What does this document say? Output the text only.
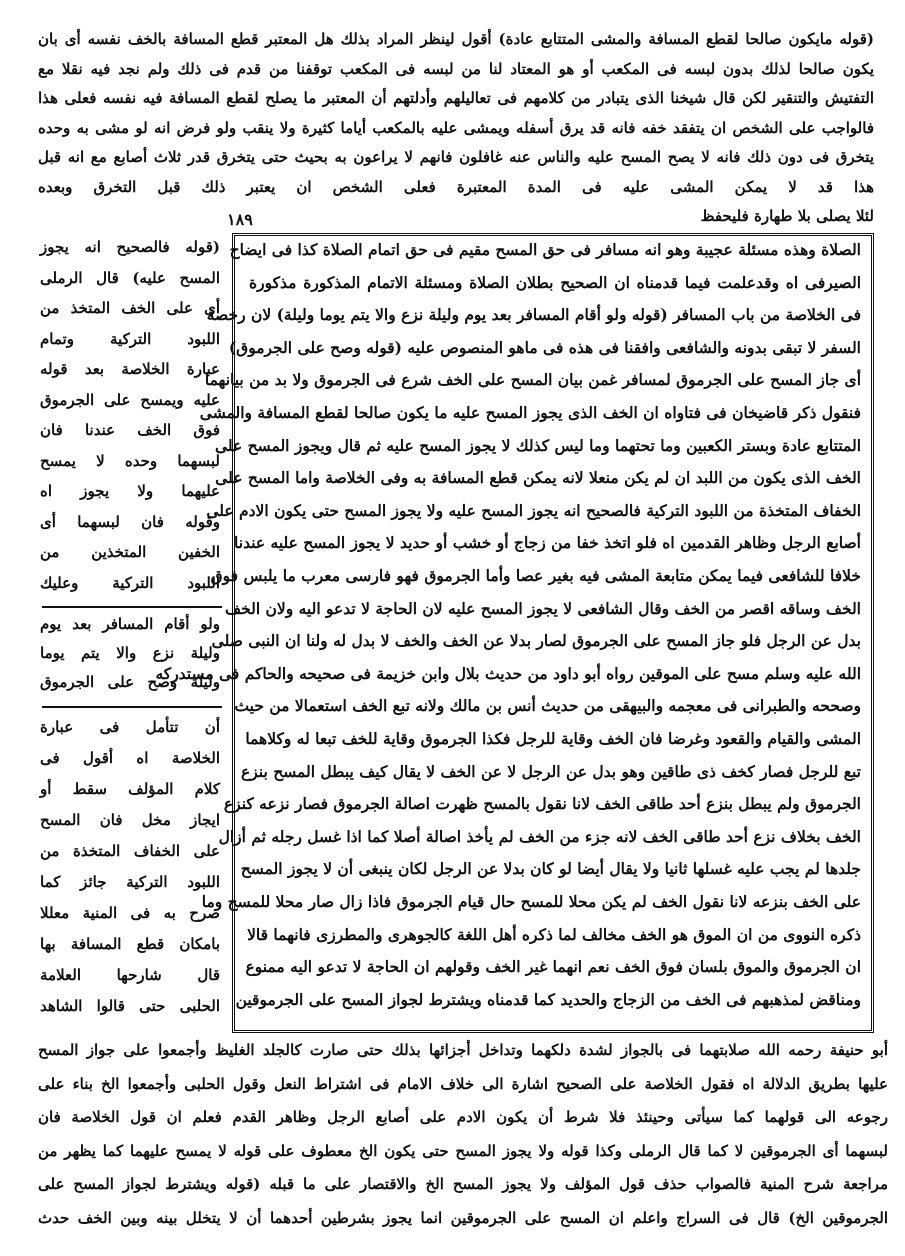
(قوله مايكون صالحا لقطع المسافة والمشى المتتابع عادة) أقول لينظر المراد بذلك هل المعتبر قطع المسافة بالخف نفسه أى بان
يكون صالحا لذلك بدون لبسه فى المكعب أو هو المعتاد لنا من لبسه فى المكعب توقفنا من قدم فى ذلك ولم نجد فيه نقلا مع
التفتيش والتنقير لكن قال شيخنا الذى يتبادر من كلامهم فى تعاليلهم وأدلتهم أن المعتبر ما يصلح لقطع المسافة فيه نفسه فعلى هذا
فالواجب على الشخص ان يتفقد خفه فانه قد يرق أسفله ويمشى عليه بالمكعب أياما كثيرة ولا ينقب ولو فرض انه لو مشى به وحده
يتخرق فى دون ذلك فانه لا يصح المسح عليه والناس عنه غافلون فانهم لا يراعون به بحيث حتى يتخرق قدر ثلاث أصابع مع انه قبل
هذا قد لا يمكن المشى عليه فى المدة المعتبرة فعلى الشخص ان يعتبر ذلك قبل التخرق وبعده
لئلا يصلى بلا طهارة فليحفظ
١٨٩
الصلاة وهذه مسئلة عجيبة وهو انه مسافر فى حق المسح مقيم فى حق اتمام الصلاة كذا فى ايضاح
الصيرفى اه وقدعلمت فيما قدمناه ان الصحيح بطلان الصلاة ومسئلة الاتمام المذكورة مذكورة
فى الخلاصة من باب المسافر (قوله ولو أقام المسافر بعد يوم وليلة نزع والا يتم يوما وليلة) لان رخصة
السفر لا تبقى بدونه والشافعى وافقنا فى هذه فى ماهو المنصوص عليه (قوله وصح على الجرموق)
أى جاز المسح على الجرموق لمسافر غمن بيان المسح على الخف شرع فى الجرموق ولا بد من بيانهما
فنقول ذكر قاضيخان فى فتاواه ان الخف الذى يجوز المسح عليه ما يكون صالحا لقطع المسافة والمشى
المتتابع عادة وبستر الكعبين وما تحتهما وما ليس كذلك لا يجوز المسح عليه ثم قال ويجوز المسح على
الخف الذى يكون من اللبد ان لم يكن منعلا لانه يمكن قطع المسافة به وفى الخلاصة واما المسح على
الخفاف المتخذة من اللبود التركية فالصحيح انه يجوز المسح عليه ولا يجوز المسح حتى يكون الادم على
أصابع الرجل وظاهر القدمين اه فلو اتخذ خفا من زجاج أو خشب أو حديد لا يجوز المسح عليه عندنا
خلافا للشافعى فيما يمكن متابعة المشى فيه بغير عصا وأما الجرموق فهو فارسى معرب ما يلبس فوق
الخف وساقه اقصر من الخف وقال الشافعى لا يجوز المسح عليه لان الحاجة لا تدعو اليه ولان الخف
بدل عن الرجل فلو جاز المسح على الجرموق لصار بدلا عن الخف والخف لا بدل له ولنا ان النبى صلى
الله عليه وسلم مسح على الموقين رواه أبو داود من حديث بلال وابن خزيمة فى صحيحه والحاكم فى مستدركه
وصححه والطبرانى فى معجمه والبيهقى من حديث أنس بن مالك ولانه تبع الخف استعمالا من حيث
المشى والقيام والقعود وغرضا فان الخف وقاية للرجل فكذا الجرموق وقاية للخف تبعا له وكلاهما
تبع للرجل فصار كخف ذى طاقين وهو بدل عن الرجل لا عن الخف لا يقال كيف يبطل المسح بنزع
الجرموق ولم يبطل بنزع أحد طاقى الخف لانا نقول بالمسح ظهرت اصالة الجرموق فصار نزعه كنزع
الخف بخلاف نزع أحد طاقى الخف لانه جزء من الخف لم يأخذ اصالة أصلا كما اذا غسل رجله ثم أزال
جلدها لم يجب عليه غسلها ثانيا ولا يقال أيضا لو كان بدلا عن الرجل لكان ينبغى أن لا يجوز المسح
على الخف بنزعه لانا نقول الخف لم يكن محلا للمسح حال قيام الجرموق فاذا زال صار محلا للمسح وما
ذكره النووى من ان الموق هو الخف مخالف لما ذكره أهل اللغة كالجوهرى والمطرزى فانهما قالا
ان الجرموق والموق بلسان فوق الخف نعم انهما غير الخف وقولهم ان الحاجة لا تدعو اليه ممنوع
ومناقض لمذهبهم فى الخف من الزجاج والحديد كما قدمناه ويشترط لجواز المسح على الجرموقين
(قوله فالصحيح انه يجوز
المسح عليه) قال الرملى
أى على الخف المتخذ من
اللبود التركية وتمام
عبارة الخلاصة بعد قوله
عليه ويمسح على الجرموق
فوق الخف عندنا فان
لبسهما وحده لا يمسح
عليهما ولا يجوز اه
وقوله فان لبسهما أى
الخفين المتخذين من
اللبود التركية وعليك
ولو أقام المسافر بعد يوم
وليلة نزع والا يتم يوما
وليلة وصح على الجرموق
أن تتأمل فى عبارة
الخلاصة اه أقول فى
كلام المؤلف سقط أو
ايجاز مخل فان المسح
على الخفاف المتخذة من
اللبود التركية جائز كما
صرح به فى المنية معللا
بامكان قطع المسافة بها
قال شارحها العلامة
الحلبى حتى قالوا الشاهد
أبو حنيفة رحمه الله صلابتهما فى بالجواز لشدة دلكهما وتداخل أجزائها بذلك حتى صارت كالجلد الغليظ وأجمعوا على جواز المسح
عليها بطريق الدلالة اه فقول الخلاصة على الصحيح اشارة الى خلاف الامام فى اشتراط النعل وقول الحلبى وأجمعوا الخ بناء على
رجوعه الى قولهما كما سيأتى وحينئذ فلا شرط أن يكون الادم على أصابع الرجل وظاهر القدم فعلم ان قول الخلاصة فان
لبسهما أى الجرموقين لا كما قال الرملى وكذا قوله ولا يجوز المسح حتى يكون الخ معطوف على قوله لا يمسح عليهما كما يظهر من
مراجعة شرح المنية فالصواب حذف قول المؤلف ولا يجوز المسح الخ والاقتصار على ما قبله (قوله ويشترط لجواز المسح على
الجرموقين الخ) قال فى السراج واعلم ان المسح على الجرموقين انما يجوز بشرطين أحدهما أن لا يتخلل بينه وبين الخف حدث
